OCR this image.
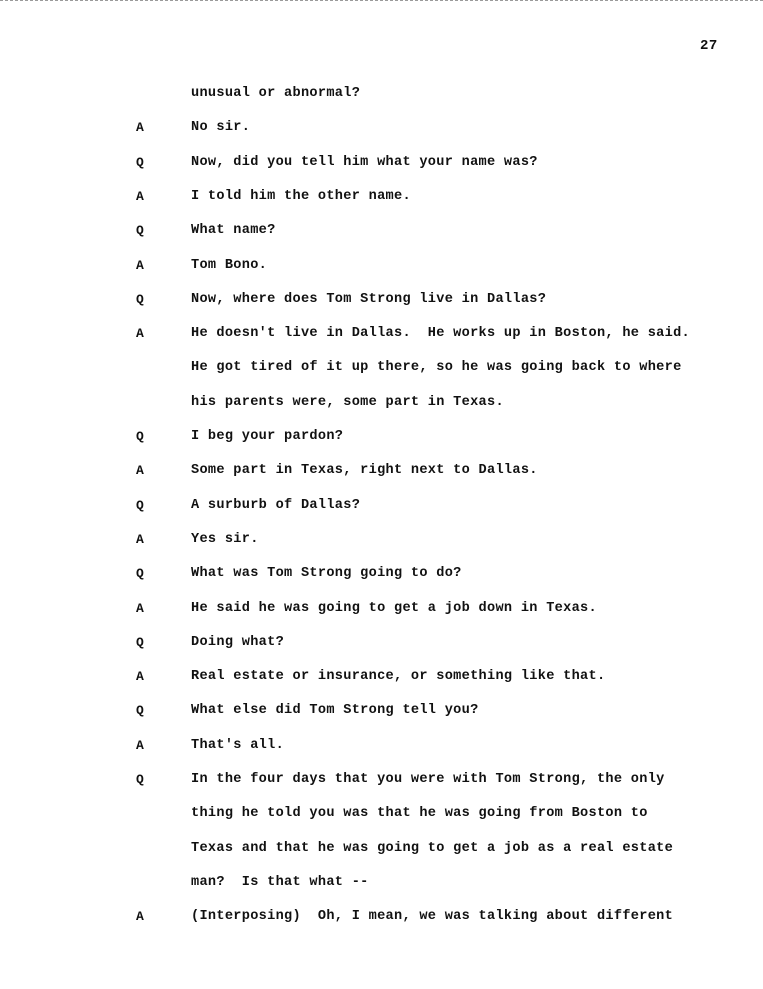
27
unusual or abnormal?
A	No sir.
Q	Now, did you tell him what your name was?
A	I told him the other name.
Q	What name?
A	Tom Bono.
Q	Now, where does Tom Strong live in Dallas?
A	He doesn't live in Dallas.  He works up in Boston, he said.
He got tired of it up there, so he was going back to where
his parents were, some part in Texas.
Q	I beg your pardon?
A	Some part in Texas, right next to Dallas.
Q	A surburb of Dallas?
A	Yes sir.
Q	What was Tom Strong going to do?
A	He said he was going to get a job down in Texas.
Q	Doing what?
A	Real estate or insurance, or something like that.
Q	What else did Tom Strong tell you?
A	That's all.
Q	In the four days that you were with Tom Strong, the only
thing he told you was that he was going from Boston to
Texas and that he was going to get a job as a real estate
man?  Is that what --
A	(Interposing)  Oh, I mean, we was talking about different
